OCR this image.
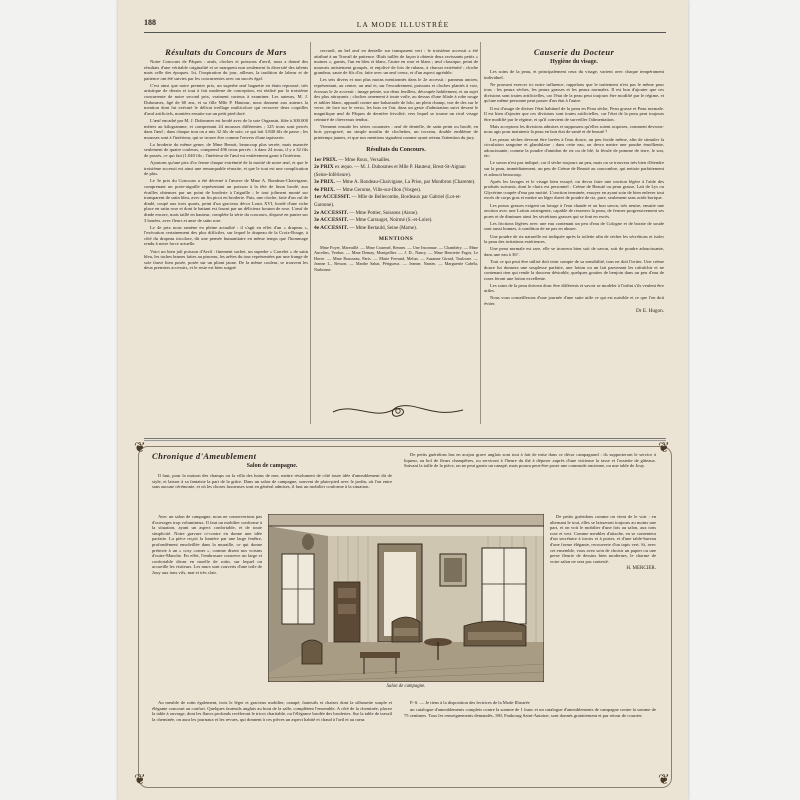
188	LA MODE ILLUSTRÉE
Résultats du Concours de Mars

Notre Concours de Pâques : œufs, cloches et poissons d'avril, nous a donné des résultats d'une véritable originalité et se marquent non seulement la diversité des talents mais celle des époques. Ici, l'inspiration du jour, ailleurs, la tradition de labeur et de patience ont été suivies par les concurrentes avec un succès égal.

C'est ainsi que notre premier prix, un superbe œuf baguette en étain repoussé, très artistique de dessin et tout à fait moderne de conception, est réalisé par la troisième concurrente de notre second prix, vraiment curieux à examiner. Les auteurs, M. J. Dubosmes, âgé de 60 ans, et sa fille Mlle P. Hautour, nous donnent aux auteurs la mention dont fut exécuté le délicat treillage multicolore qui recouvre deux coquilles d'œuf artificiels, montées ensuite sur un petit pied doré.

L'œuf encadré par M. J. Dubosmes est brodé avec de la soie Organsin, filée à 300.000 mètres au kilogramme, et comprenant 24 mousses différentes ; 125 trous sont percés dans l'œuf ; dans chaque trou on a mis 32 fils de soie, ce qui fait 3.840 fils de passe ; les mousses sont à l'intérieur, qui se trouve être comme l'envers d'une tapisserie.

La broderie du même genre, de Mme Benoit, beaucoup plus serrée, mais nuancée seulement de quatre couleurs, comprend 496 trous percés : à dans 24 trous, il y a 32 fils de passés, ce qui fait (1.040 fils ; l'intérieur de l'œuf est entièrement garni à l'intérieur.

Ajoutons qu'une prix d'or ferme chaque extrémité de la moitié de notre œuf, et que le troisième accessit est ainsi une remarquable réussite, et que le tout est une complication de plus.

Le 3e prix du Concours a été décerné à l'œuvre de Mme A. Rondeau-Chaivigane, comprenant un porte-aiguille représentant un poisson à la tête de linon brodé, aux écailles obtenues par un point de broderie à l'aiguille ; le tout joliment monté sur transparent de satin bleu, avec un fin picot en broderie. Puis, une cloche, faite d'un cul de dindé, coupé aux trois quarts, peint d'un gracieux décor Louis XVI, bordé d'une riche place en satin rose et dont le battant est fourni par un délicieux bouton de rose. L'œuf de dinde encore, mais taillé en hauteur, complète la série du concours, disposé en panier sur 3 bouées, avec fleurs et anse de satin rose.

Le 4e prix nous ramène en pleine actualité : il s'agit en effet d'un « drapeau », l'exécution certainement des plus difficiles, sur lequel le drapeau de la Croix-Rouge, à côté du drapeau tricolore, dit une pensée humanitaire en même temps que l'hommage rendu à notre force actuelle.

Voici un bien joli poisson d'Avril : finement sachet, un superbe « Carrelet » de satin bleu, les taches brunes faites au pinceau, les arêtes du tour représentées par une frange de soie fauve bien posée, posée sur un pliant jaune. De la même couleur, se trouvent les deux premiers accessits, et le reste est bien soigné.

cercueil, un bel œuf en dentelle sur transparent vert : le troisième accessit a été attribué à un Travail de patience. Œufs taillés de façon à obtenir deux ravissants petits « moines », garnis, l'un en bleu et blanc, l'autre en rose et blanc ; œuf classique, peint de mauvais artistement groupés, et enjolivé de fois de rubans, à chacun extrémité ; cloche grandeur, saute de fils d'or, faite avec un œuf creux, et d'un aspect agréable.

Les sets divers et non plus moins mentionnés dans le 2e accessit : panneau ancien, représentant, au centre, un œuf et, sur l'encadrement, poissons et cloches plantés à voir, écossus le 2e accessit : image peinte, sur deux feuillets, découpée habilement, et au sujet des plus attrayants ; cloches ornement à toute voile, au dessus d'une filiale à robe rouge et tablier blanc, apparaît contre une balustrade de lolo, un plein champ, vue de des sur le verre, de face sur le verso, les bras en l'air, dans un geste d'admiration suivi devant le magnifique œuf de Pâques de dernière frivolité, vers lequel se tourne un rival visage ceinturé de chevreaux tendus.

Viennent ensuite les séries courantes : œuf de dentelle, de satin peint ou brodé, en bois pyrogravé, un simple moulin de clochettes, un tocseau, double emblème de printemps jaunes, et que nos mentions signalent comme ayant retenu l'attention du jury.

Résultats du Concours.
1er PRIX. — Mme Roux, Versailles.
2e PRIX ex æquo. — M. J. Dubosmes et Mlle P. Hauteur, Brest-St-Aignan (Seine-Inférieure).
3e PRIX. — Mme A. Rondeau-Chaivigane, La Prise, par Montbron (Charente).
4e PRIX. — Mme Gerome, Ville-sur-Illon (Vosges).
1er ACCESSIT. — Mlle de Bellecombe, Bordeaux par Gabriel (Lot-et-Garonne).
2e ACCESSIT. — Mme Pottier, Soissons (Aisne).
3e ACCESSIT. — Mme Carrauget, Noirmé (S.-et-Loire).
4e ACCESSIT. — Mme Bertauld, Seine (Marne).
MENTIONS

Mme Foyer, Mareuillé. — Mme Courmel, Rennes. — Une Inconnue. — Chambéry. — Mme Ancelins, Verdun. — Mme Demay, Montpellier. — J. D., Nancy. — Mme Henriette Fagot, Le Havre. — Mme Rousseau, Paris. — Marie Ferrand, Melun. — Suzanne Girard, Toulouse. — Jeanne L., Besson. — Marthe Sabat, Périgueux. — Jeanne, Nantes. — Marguerite Cabéla, Narbonne.

Causerie du Docteur
Hygiène du visage.

Les soins de la peau, et principalement ceux du visage, varient avec chaque tempérament individuel.

Ne pouvant exercer ici notre influence, rappelons que le traitement n'est pas le même pour tous : les peaux sèches, les peaux grasses et les peaux normales. Il est bon d'ajouter que ces divisions sont toutes artificielles, car l'état de la peau peut toujours être modifié par le régime, et qu'une même personne peut passer d'un état à l'autre.

Il est d'usage de diviser l'état habituel de la peau en Peau sèche, Peau grasse et Peau normale. Il est bien d'ajouter que ces divisions sont toutes artificielles, car l'état de la peau peut toujours être modifié par le régime, et qu'il convient de surveiller l'alimentation.

Mais acceptons les divisions admises et supposons qu'elles soient acquises, comment devrons-nous agir pour maintenir la peau en bon état de santé et de beauté ?

Les peaux sèches devront être lavées à l'eau douce, un peu froide même, afin de stimuler la circulation sanguine et glandulaire ; dans cette eau, on devra mettre une poudre émolliente, adoucissante, comme la poudre d'amidon de riz ou de blé, la fécule de pomme de terre, le son, etc.

Le savon n'est pas indiqué, car il sèche toujours un peu, mais on se trouvera très bien d'étendre sur la peau, immédiatement, un peu de Crème de Beauté au concombre, qui nettoie parfaitement et adoucit beaucoup.

Après les lavages et le visage bien essuyé, on devra faire une onction légère à l'aide des produits suivants, dont le choix est personnel : Crème de Beauté ou peau grasse, Lait de Lys ou Glycérine coupée d'eau par moitié. L'onction terminée, essuyer en ayant soin de bien enlever tout excès de corps gras et mettre un léger duvet de poudre de riz, pure, seulement sans acide borique.

Les peaux grasses exigent un lavage à l'eau chaude et au bon savon, très neutre, ensuite une onction avec une Lotion astringente, capable de resserrer la peau, de fermer progressivement ses pores et de diminuer ainsi les sécrétions grasses qui se font en excès.

Les frictions légères avec une eau contenant un peu d'eau de Cologne et de borate de soude sont aussi bonnes, à condition de ne pas en abuser.

Une poudre de riz naturelle est indiquée après la toilette afin de sécher les sécrétions et isoler la peau des irritations extérieures.

Une peau normale est rare, elle se trouvera bien soit de savon, soit de poudre adoucissante, dans une eau à 36°.

Tout ce qui peut être utilisé doit tenir compte de sa sensibilité, tous ne doit l'irriter. Une crème douce lui donnera une souplesse parfaite, une lotion ou un lait parvenant les rafraîchir et ne contenant rien qui rende la douceur désirable, quelques gouttes de benjoin dans un peu d'eau de roses feront une lotion excellente.

Les soins de la peau doivent donc être différents et savoir se modeler à l'infini s'ils veulent être utiles.

Nous vous conseillerons d'une journée d'une suite utile ce qui est nuisible et ce que l'on doit éviter.

Dr E. Hugon.
❦	❦
❦	❦
Chronique d'Ameublement
Salon de campagne.

Il faut, pour la maison des champs ou la villa des bains de mer, mettre résolument de côté toute idée d'ameublement dit de style, et laisser à sa fantaisie la part de la grâce. Dans un salon de campagne, souvent de plain-pied avec le jardin, où l'on entre sans aucune cérémonie, et où les choses luxueuses sont en général admises, il faut un mobilier conforme à la situation.

De petits guéridons bas en acajou grave anglais sont tout à fait de mise dans ce décor campagnard : ils supporteront le service à liqueur, au bol de fleurs champêtres, ou serviront à l'heure du thé à déposer auprès d'une visiteuse la tasse et l'assiette de gâteaux. Suivant la taille de la pièce, on ne peut garnir un canapé, mais pourra peut-être poser une commode ancienne, ou une table de Jouy.

Avec un salon de campagne, nous ne conserverions pas d'ouvrages trop volumineux. Il faut un mobilier conforme à la situation, ayant un aspect confortable, et de toute simplicité. Notre gravure ci-contre en donne une idée parfaite. La pièce reçoit la lumière par une large fenêtre, profondément ensoleillée dans la muraille, ce qui donne prétexte à un « cosy corner », comme disent nos voisins d'outre-Manche. En effet, l'embrasure conserve un large et confortable divan en moelle de rotin, sur lequel on accueille les visiteurs. Les murs sont couverts d'une toile de Jouy aux tons vifs, mat et très clair.

De petits guéridons comme on vient de le voir : en alternant le tout, elles se laisseront toujours au moins une part, et on voit le mobilier d'une fois au salon, aux tons rose et vert. Comme meubles d'attache, en se contentera d'un secrétaire à tiroirs et à porter, et d'une table-bureau d'une forme élégante, recouverte d'un tapis vert. Si, avec cet ensemble, vous avez soin de choisir un papier ou une perse fleurie de dessins bien modernes, le charme de votre salon ne sera pas contesté.

H. MERCIER.
Salon de campagne.

Au meuble de rotin également, trois le léger et gracieux mobilier, canapé, fauteuils et chaises dont la silhouette souple et élégante concourt au confort. Quelques fauteuils anglais au bout de la salle, complètent l'ensemble. A côté de la cheminée, placez la table à ouvrage, dont les flancs profonds recèleront le tricot charitable, ou l'élégance brodée des broderies. Sur la table de travail la cheminée, on aura les journaux et les revues, qui donnent à ces pièces un aspect habité et chaud à l'œil et au cœur.

P.-S. — Je tiens à la disposition des lectrices de la Mode Illustrée

un catalogue d'ameublements complets contre la somme de 1 franc et un catalogue d'ameublements de campagne contre la somme de 75 centimes. Tous les renseignements demandés, 180, Faubourg Saint-Antoine, sont donnés gratuitement et par retour de courrier.
